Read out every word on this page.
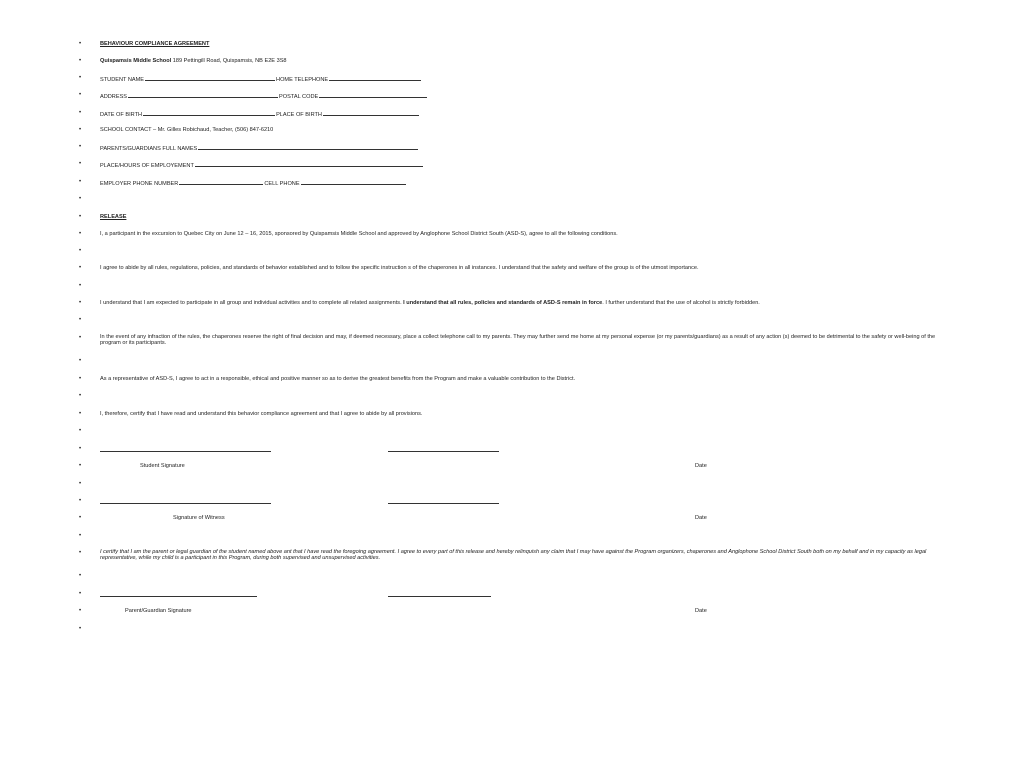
•	BEHAVIOUR COMPLIANCE AGREEMENT
•	Quispamsis Middle School 189 Pettingill Road, Quispamsis, NB E2E 3S8
•	STUDENT NAME	HOME TELEPHONE
•	ADDRESS	POSTAL CODE
•	DATE OF BIRTH	PLACE OF BIRTH
•	SCHOOL CONTACT – Mr. Gilles Robichaud, Teacher, (506) 847-6210
•	PARENTS/GUARDIANS FULL NAMES
•	PLACE/HOURS OF EMPLOYEMENT
•	EMPLOYER PHONE NUMBER	CELL PHONE
•
•	RELEASE
•	I, a participant in the excursion to Quebec City on June 12 – 16, 2015, sponsored by Quispamsis Middle School and approved by Anglophone School District South (ASD-S), agree to all the following conditions.
•
•	I agree to abide by all rules, regulations, policies, and standards of behavior established and to follow the specific instruction s of the chaperones in all instances. I understand that the safety and welfare of the group is of the utmost importance.
•
•	I understand that I am expected to participate in all group and individual activities and to complete all related assignments. I understand that all rules, policies and standards of ASD-S remain in force. I further understand that the use of alcohol is strictly forbidden.
•
•	In the event of any infraction of the rules, the chaperones reserve the right of final decision and may, if deemed necessary, place a collect telephone call to my parents. They may further send me home at my personal expense (or my parents/guardians) as a result of any action (s) deemed to be detrimental to the safety or well-being of the program or its participants.
•
•	As a representative of ASD-S, I agree to act in a responsible, ethical and positive manner so as to derive the greatest benefits from the Program and make a valuable contribution to the District.
•
•	I, therefore, certify that I have read and understand this behavior compliance agreement and that I agree to abide by all provisions.
•
•
•	Student Signature	Date
•
•
•	Signature of Witness	Date
•
•	I certify that I am the parent or legal guardian of the student named above ant that I have read the foregoing agreement. I agree to every part of this release and hereby relinquish any claim that I may have against the Program organizers, chaperones and Anglophone School District South both on my behalf and in my capacity as legal representative, while my child is a participant in this Program, during both supervised and unsupervised activities.
•
•
•	Parent/Guardian Signature	Date
•
